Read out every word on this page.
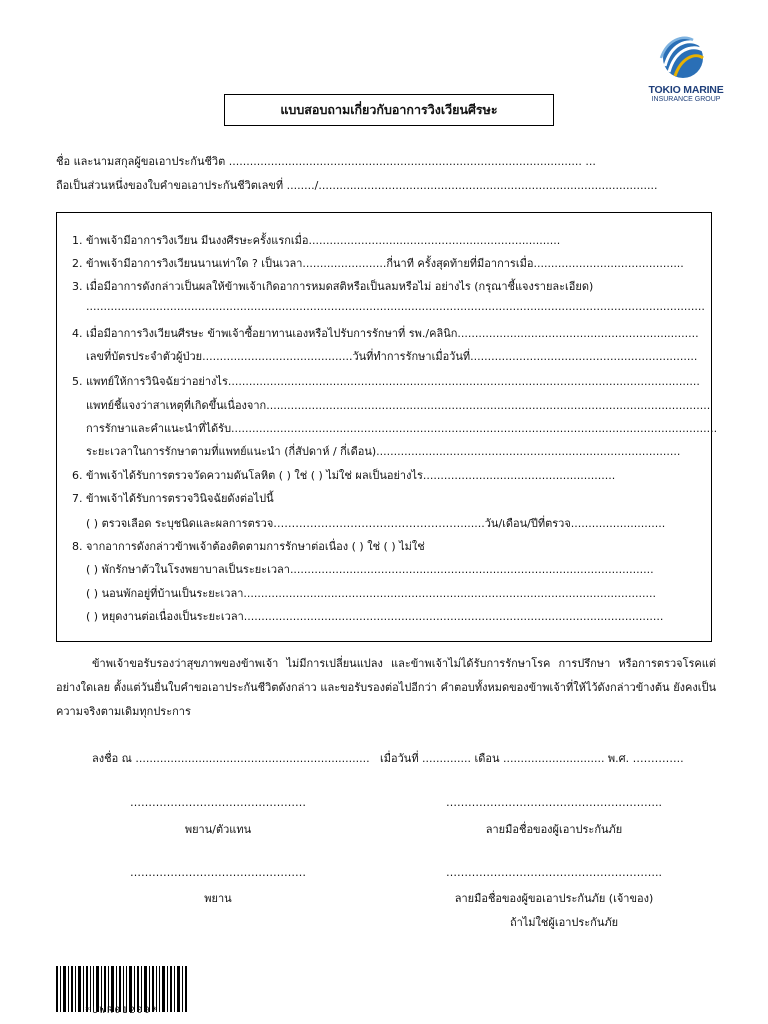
TOKIO MARINE
INSURANCE GROUP
แบบสอบถามเกี่ยวกับอาการวิงเวียนศีรษะ
ชื่อ และนามสกุลผู้ขอเอาประกันชีวิต ..................................................................................................... ...
ถือเป็นส่วนหนึ่งของใบคำขอเอาประกันชีวิตเลขที่ ......../.................................................................................................
1. ข้าพเจ้ามีอาการวิงเวียน มีนงงศีรษะครั้งแรกเมื่อ........................................................................
2. ข้าพเจ้ามีอาการวิงเวียนนานเท่าใด ? เป็นเวลา........................กี่นาที ครั้งสุดท้ายที่มีอาการเมื่อ...........................................
3. เมื่อมีอาการดังกล่าวเป็นผลให้ข้าพเจ้าเกิดอาการหมดสติหรือเป็นลมหรือไม่ อย่างไร (กรุณาชี้แจงรายละเอียด)
.................................................................................................................................................................................
4. เมื่อมีอาการวิงเวียนศีรษะ ข้าพเจ้าซื้อยาทานเองหรือไปรับการรักษาที่ รพ./คลินิก.....................................................................
เลขที่บัตรประจำตัวผู้ป่วย...........................................วันที่ทำการรักษาเมื่อวันที่.................................................................
5. แพทย์ให้การวินิจฉัยว่าอย่างไร.......................................................................................................................................
แพทย์ชี้แจงว่าสาเหตุที่เกิดขึ้นเนื่องจาก...............................................................................................................................
การรักษาและคำแนะนำที่ได้รับ...........................................................................................................................................
ระยะเวลาในการรักษาตามที่แพทย์แนะนำ (กี่สัปดาห์ / กี่เดือน).......................................................................................
6. ข้าพเจ้าได้รับการตรวจวัดความดันโลหิต ( ) ใช่ ( ) ไม่ใช่ ผลเป็นอย่างไร.......................................................
7. ข้าพเจ้าได้รับการตรวจวินิจฉัยดังต่อไปนี้
( ) ตรวจเลือด ระบุชนิดและผลการตรวจ…………………………………………….......วัน/เดือน/ปีที่ตรวจ...........................
8. จากอาการดังกล่าวข้าพเจ้าต้องติดตามการรักษาต่อเนื่อง ( ) ใช่ ( ) ไม่ใช่
( ) พักรักษาตัวในโรงพยาบาลเป็นระยะเวลา........................................................................................................
( ) นอนพักอยู่ที่บ้านเป็นระยะเวลา......................................................................................................................
( ) หยุดงานต่อเนื่องเป็นระยะเวลา........................................................................................................................
ข้าพเจ้าขอรับรองว่าสุขภาพของข้าพเจ้า ไม่มีการเปลี่ยนแปลง และข้าพเจ้าไม่ได้รับการรักษาโรค การปรึกษา หรือการตรวจโรคแต่อย่างใดเลย ตั้งแต่วันยื่นใบคำขอเอาประกันชีวิตดังกล่าว และขอรับรองต่อไปอีกว่า คำตอบทั้งหมดของข้าพเจ้าที่ให้ไว้ดังกล่าวข้างต้น ยังคงเป็นความจริงตามเดิมทุกประการ
ลงชื่อ ณ ................................................................... เมื่อวันที่ .............. เดือน ............................. พ.ศ. …………..
…………………………………………	…………………………………………………..
พยาน/ตัวแทน	ลายมือชื่อของผู้เอาประกันภัย
…………………………………………	…………………………………………………..
พยาน	ลายมือชื่อของผู้ขอเอาประกันภัย (เจ้าของ)
ถ้าไม่ใช่ผู้เอาประกันภัย
*UWR01200*
